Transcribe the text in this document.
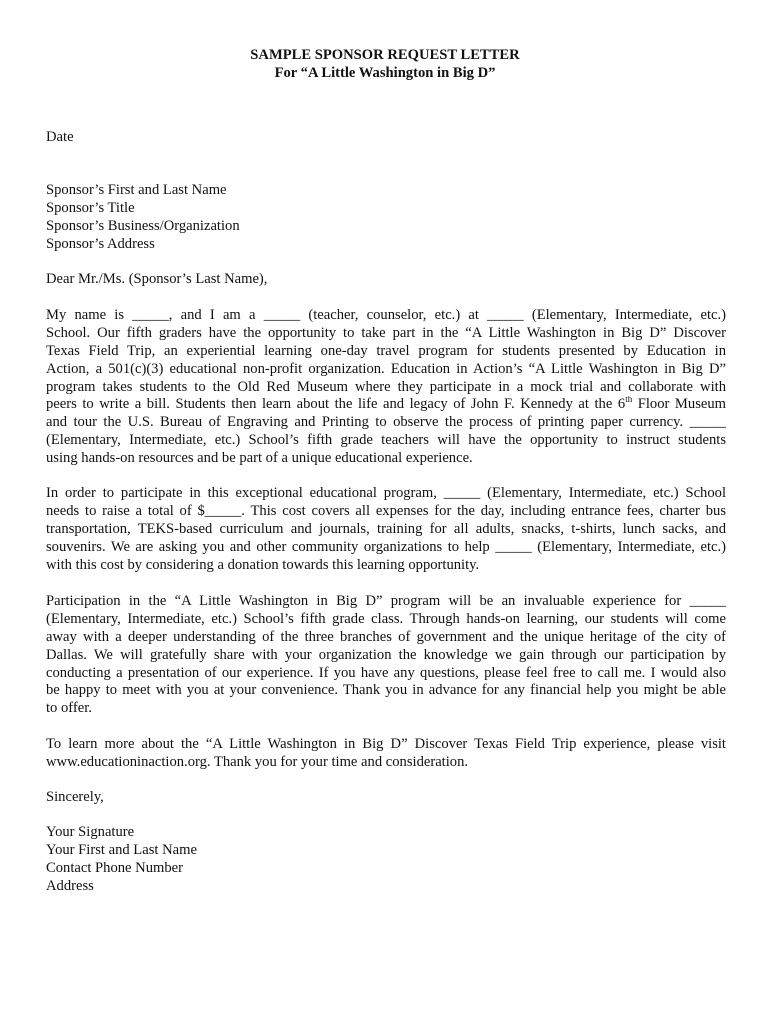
SAMPLE SPONSOR REQUEST LETTER
For “A Little Washington in Big D”
Date
Sponsor’s First and Last Name
Sponsor’s Title
Sponsor’s Business/Organization
Sponsor’s Address
Dear Mr./Ms. (Sponsor’s Last Name),
My name is _____, and I am a _____ (teacher, counselor, etc.) at _____ (Elementary, Intermediate, etc.)
School. Our fifth graders have the opportunity to take part in the “A Little Washington in Big D” Discover
Texas Field Trip, an experiential learning one-day travel program for students presented by Education in
Action, a 501(c)(3) educational non-profit organization. Education in Action’s “A Little Washington in Big D”
program takes students to the Old Red Museum where they participate in a mock trial and collaborate with
peers to write a bill. Students then learn about the life and legacy of John F. Kennedy at the 6th Floor Museum
and tour the U.S. Bureau of Engraving and Printing to observe the process of printing paper currency. _____
(Elementary, Intermediate, etc.) School’s fifth grade teachers will have the opportunity to instruct students
using hands-on resources and be part of a unique educational experience.
In order to participate in this exceptional educational program, _____ (Elementary, Intermediate, etc.) School
needs to raise a total of $_____. This cost covers all expenses for the day, including entrance fees, charter bus
transportation, TEKS-based curriculum and journals, training for all adults, snacks, t-shirts, lunch sacks, and
souvenirs. We are asking you and other community organizations to help _____ (Elementary, Intermediate, etc.)
with this cost by considering a donation towards this learning opportunity.
Participation in the “A Little Washington in Big D” program will be an invaluable experience for _____
(Elementary, Intermediate, etc.) School’s fifth grade class. Through hands-on learning, our students will come
away with a deeper understanding of the three branches of government and the unique heritage of the city of
Dallas. We will gratefully share with your organization the knowledge we gain through our participation by
conducting a presentation of our experience. If you have any questions, please feel free to call me. I would also
be happy to meet with you at your convenience. Thank you in advance for any financial help you might be able
to offer.
To learn more about the “A Little Washington in Big D” Discover Texas Field Trip experience, please visit
www.educationinaction.org. Thank you for your time and consideration.
Sincerely,
Your Signature
Your First and Last Name
Contact Phone Number
Address
